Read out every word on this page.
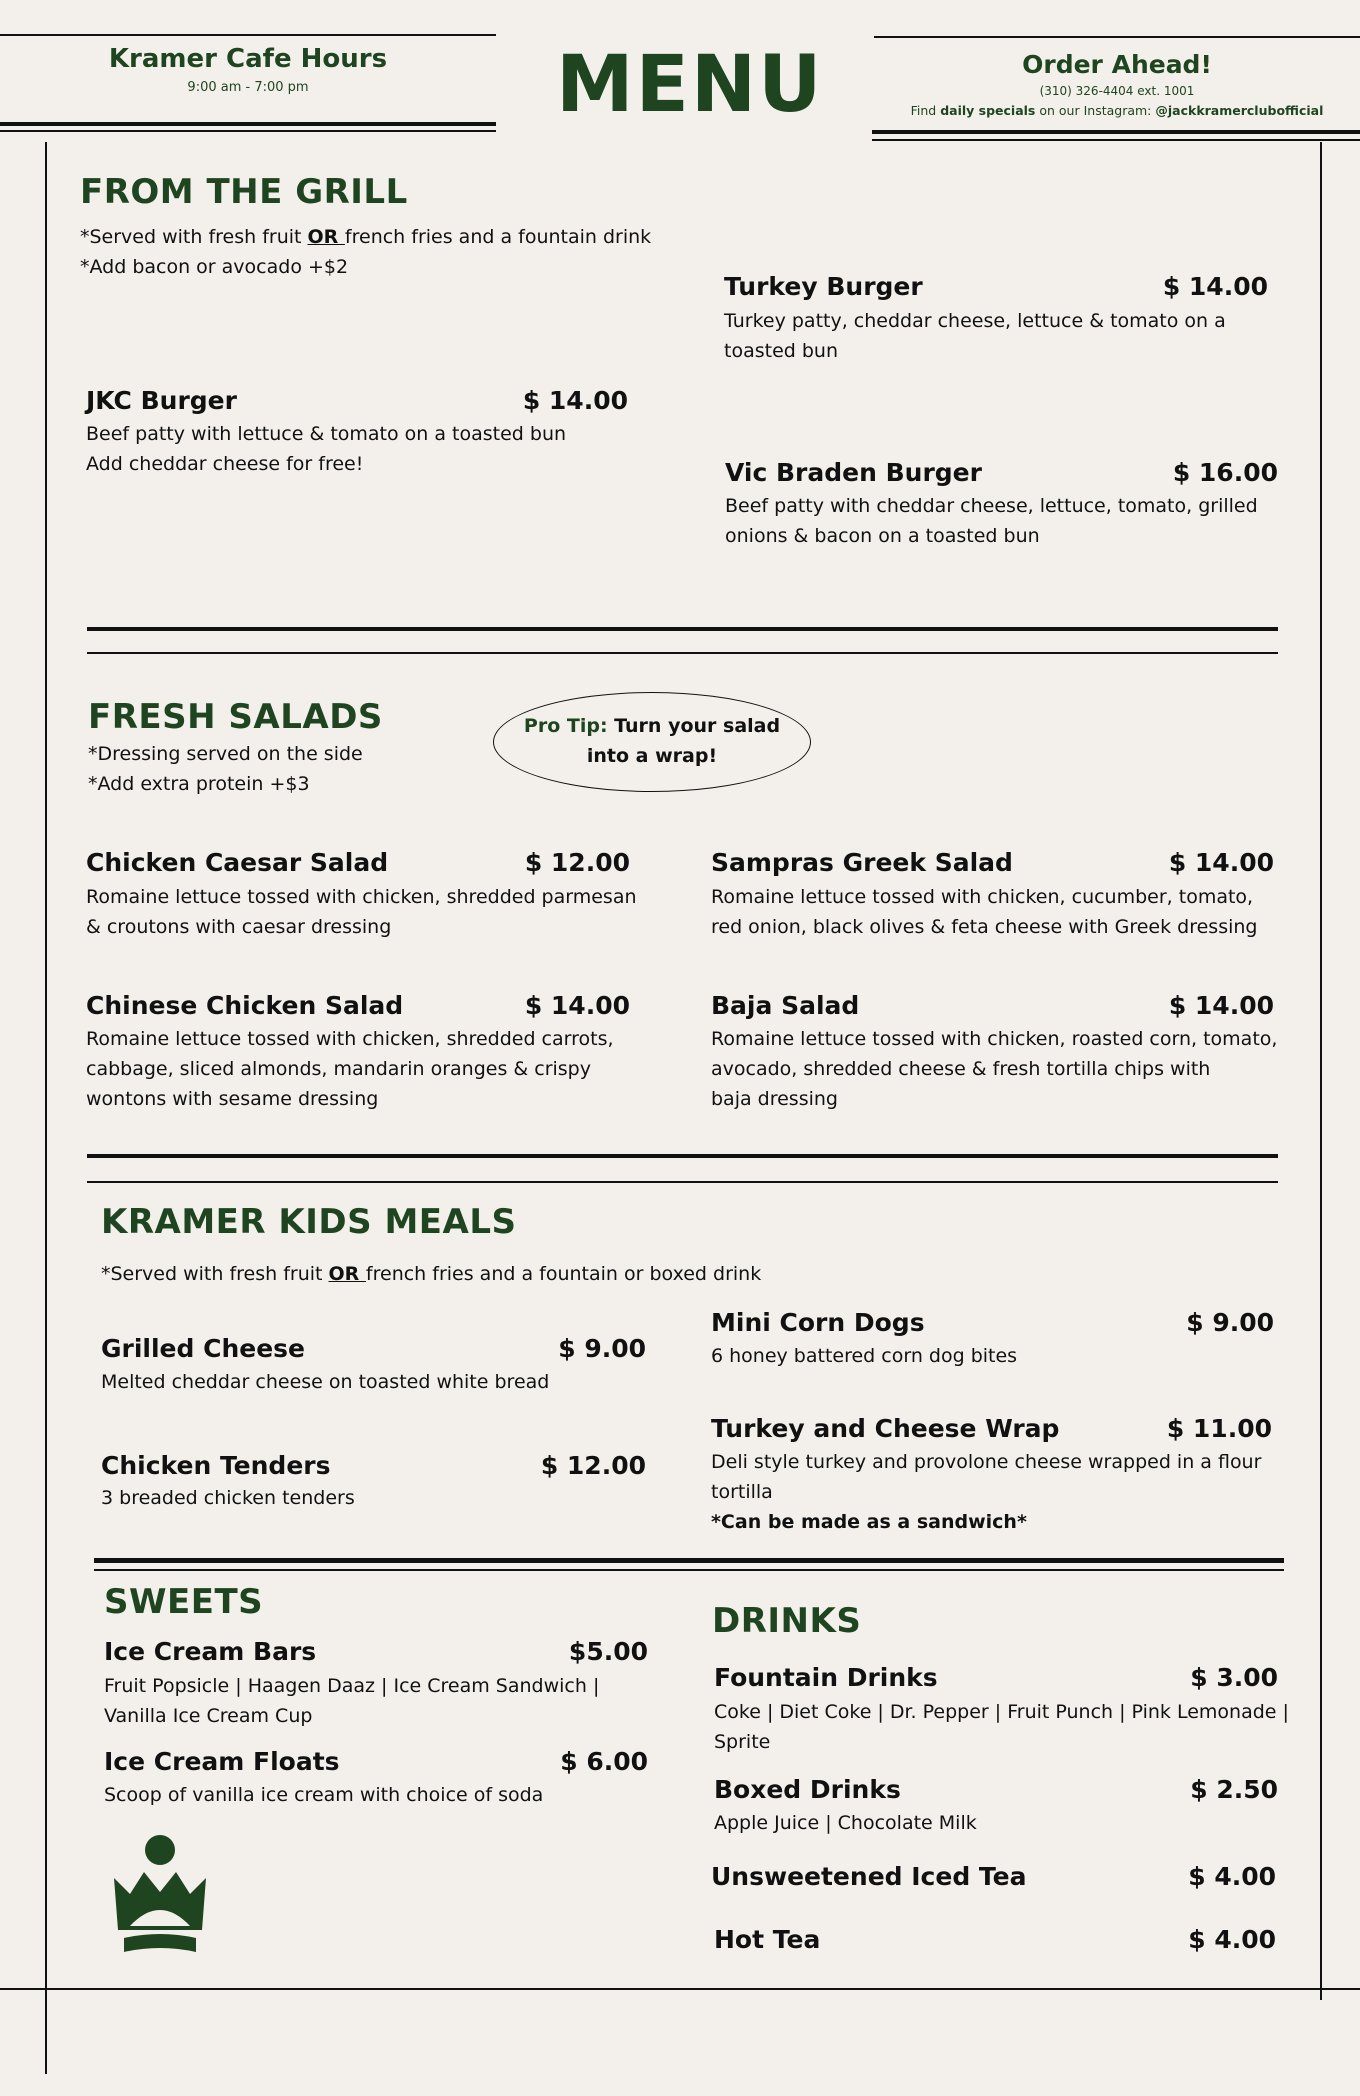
Kramer Cafe Hours
9:00 am - 7:00 pm	MENU	Order Ahead!
(310) 326-4404 ext. 1001
Find daily specials on our Instagram: @jackkramerclubofficial
FROM THE GRILL
*Served with fresh fruit OR french fries and a fountain drink
*Add bacon or avocado +$2
Turkey Burger	$ 14.00
Turkey patty, cheddar cheese, lettuce & tomato on a
toasted bun
JKC Burger	$ 14.00
Beef patty with lettuce & tomato on a toasted bun
Add cheddar cheese for free!	Vic Braden Burger	$ 16.00
Beef patty with cheddar cheese, lettuce, tomato, grilled
onions & bacon on a toasted bun
FRESH SALADS
*Dressing served on the side
*Add extra protein +$3
Pro Tip: Turn your salad
into a wrap!
Chicken Caesar Salad	$ 12.00
Romaine lettuce tossed with chicken, shredded parmesan
& croutons with caesar dressing
Sampras Greek Salad	$ 14.00
Romaine lettuce tossed with chicken, cucumber, tomato,
red onion, black olives & feta cheese with Greek dressing
Chinese Chicken Salad	$ 14.00
Romaine lettuce tossed with chicken, shredded carrots,
cabbage, sliced almonds, mandarin oranges & crispy
wontons with sesame dressing
Baja Salad	$ 14.00
Romaine lettuce tossed with chicken, roasted corn, tomato,
avocado, shredded cheese & fresh tortilla chips with
baja dressing
KRAMER KIDS MEALS
*Served with fresh fruit OR french fries and a fountain or boxed drink
Mini Corn Dogs	$ 9.00
6 honey battered corn dog bites
Grilled Cheese	$ 9.00
Melted cheddar cheese on toasted white bread
Turkey and Cheese Wrap	$ 11.00
Deli style turkey and provolone cheese wrapped in a flour
tortilla
*Can be made as a sandwich*
Chicken Tenders	$ 12.00
3 breaded chicken tenders
SWEETS
Ice Cream Bars	$5.00
Fruit Popsicle | Haagen Daaz | Ice Cream Sandwich |
Vanilla Ice Cream Cup
Ice Cream Floats	$ 6.00
Scoop of vanilla ice cream with choice of soda
DRINKS
Fountain Drinks	$ 3.00
Coke | Diet Coke | Dr. Pepper | Fruit Punch | Pink Lemonade |
Sprite
Boxed Drinks	$ 2.50
Apple Juice | Chocolate Milk
Unsweetened Iced Tea	$ 4.00
Hot Tea	$ 4.00
